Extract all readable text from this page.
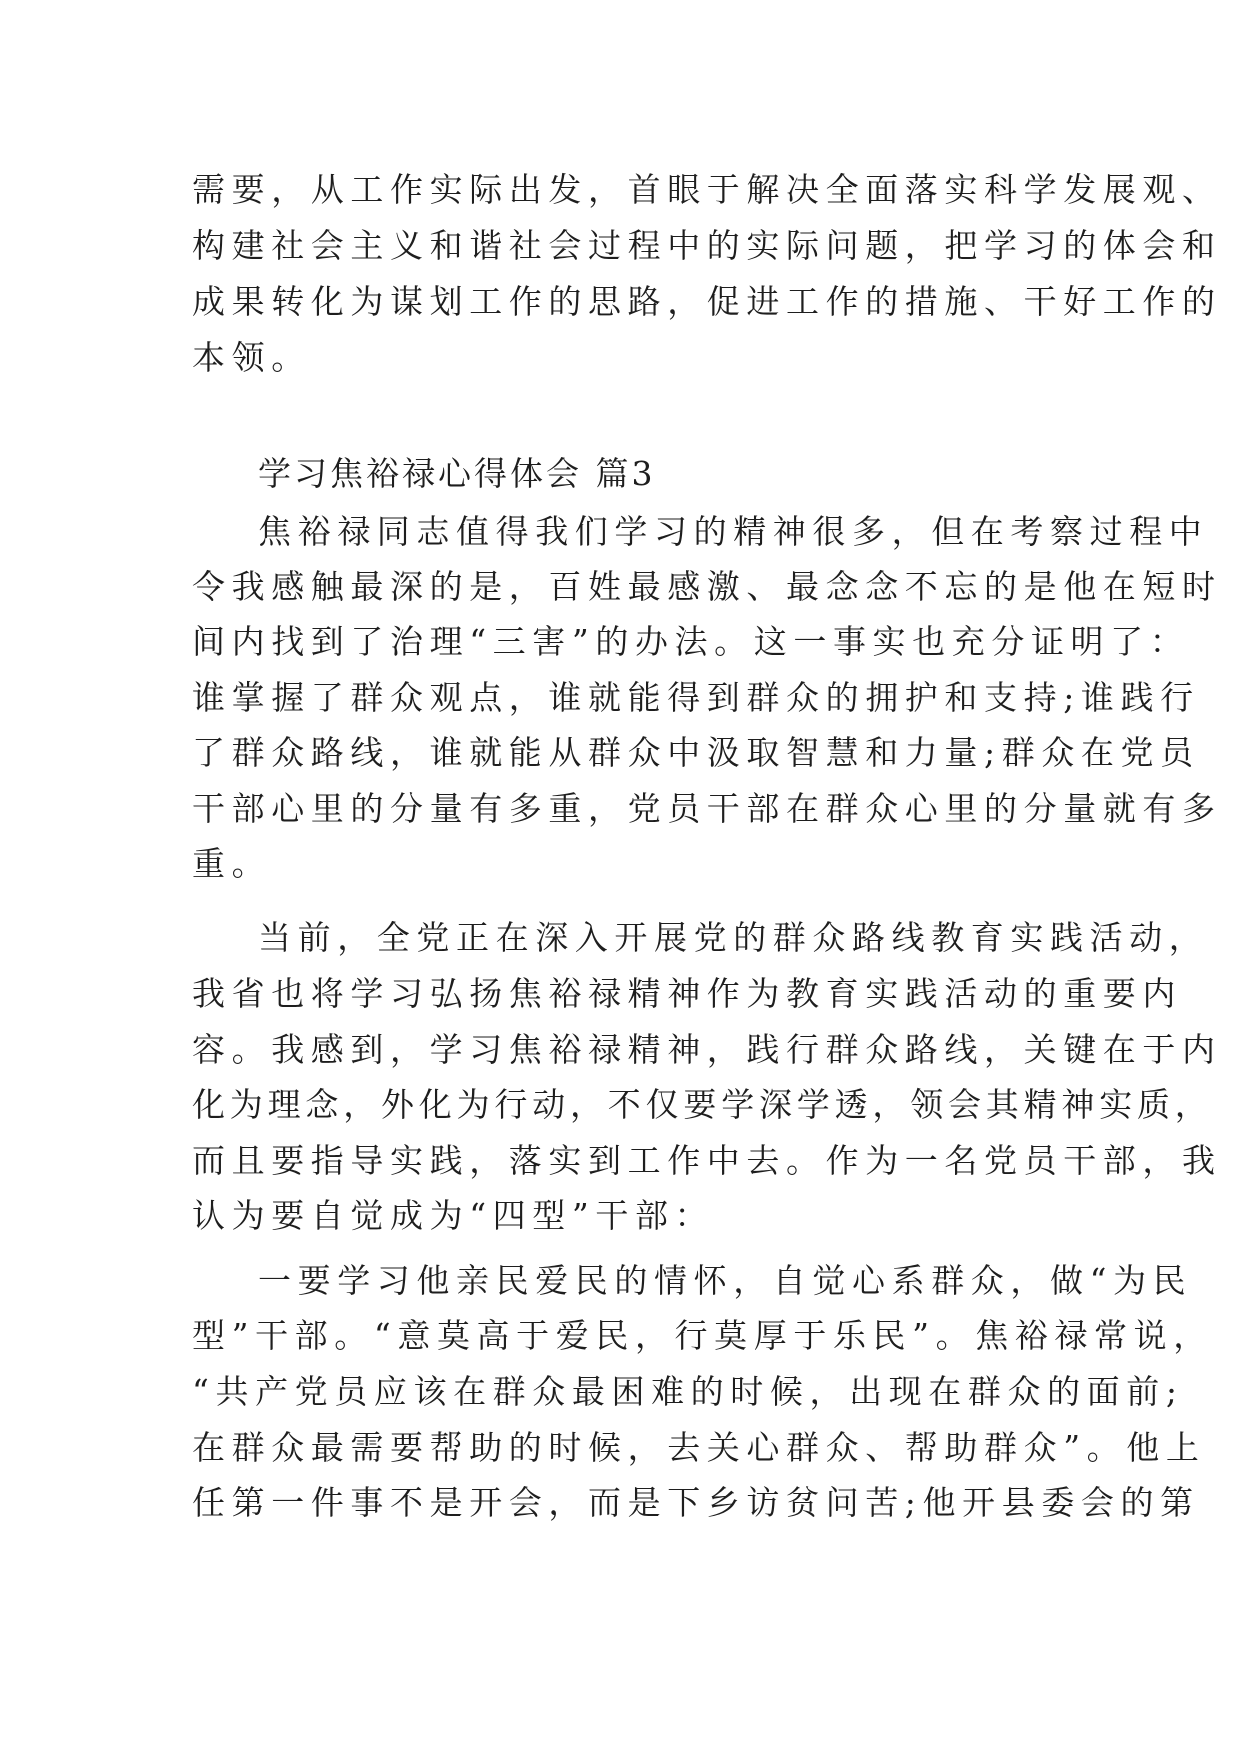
需要，从工作实际出发，首眼于解决全面落实科学发展观、
构建社会主义和谐社会过程中的实际问题，把学习的体会和
成果转化为谋划工作的思路，促进工作的措施、干好工作的
本领。
学习焦裕禄心得体会 篇3
焦裕禄同志值得我们学习的精神很多，但在考察过程中
令我感触最深的是，百姓最感激、最念念不忘的是他在短时
间内找到了治理“三害”的办法。这一事实也充分证明了：
谁掌握了群众观点，谁就能得到群众的拥护和支持;谁践行
了群众路线，谁就能从群众中汲取智慧和力量;群众在党员
干部心里的分量有多重，党员干部在群众心里的分量就有多
重。
当前，全党正在深入开展党的群众路线教育实践活动，
我省也将学习弘扬焦裕禄精神作为教育实践活动的重要内
容。我感到，学习焦裕禄精神，践行群众路线，关键在于内
化为理念，外化为行动，不仅要学深学透，领会其精神实质，
而且要指导实践，落实到工作中去。作为一名党员干部，我
认为要自觉成为“四型”干部：
一要学习他亲民爱民的情怀，自觉心系群众，做“为民
型”干部。“意莫高于爱民，行莫厚于乐民”。焦裕禄常说，
“共产党员应该在群众最困难的时候，出现在群众的面前;
在群众最需要帮助的时候，去关心群众、帮助群众”。他上
任第一件事不是开会，而是下乡访贫问苦;他开县委会的第
